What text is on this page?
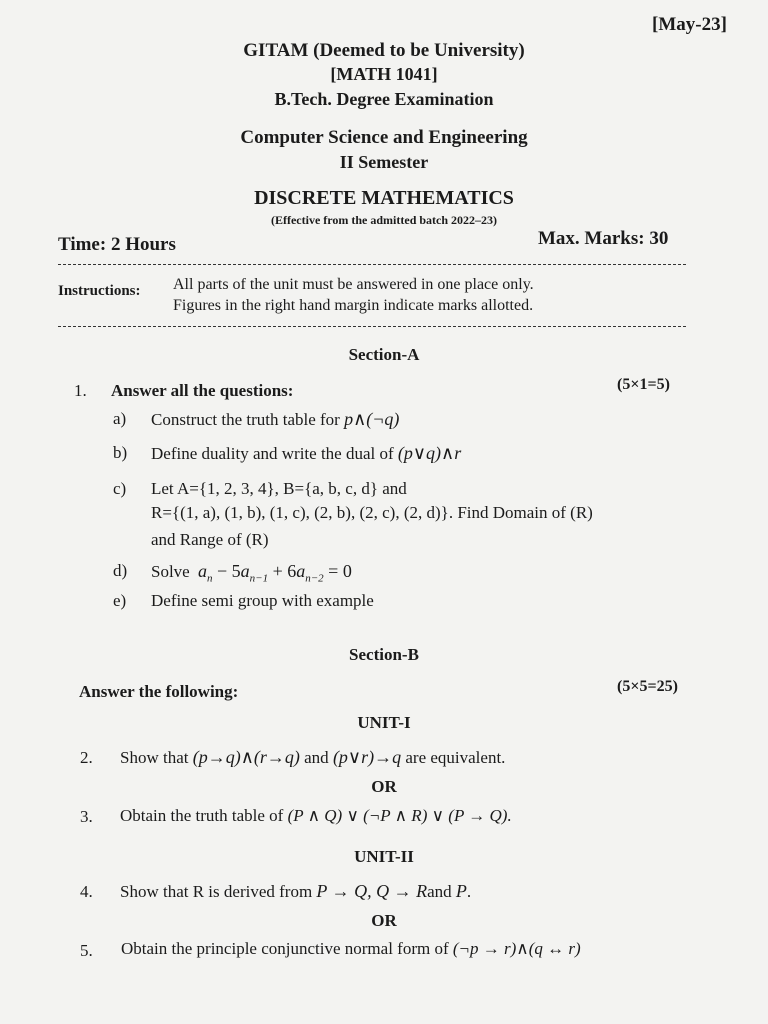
[May-23]
GITAM (Deemed to be University)
[MATH 1041]
B.Tech. Degree Examination
Computer Science and Engineering
II Semester
DISCRETE MATHEMATICS
(Effective from the admitted batch 2022–23)
Time: 2 Hours	Max. Marks: 30
Instructions: All parts of the unit must be answered in one place only.
Figures in the right hand margin indicate marks allotted.
Section-A
1. Answer all the questions:	(5×1=5)
a) Construct the truth table for p∧(¬q)
b) Define duality and write the dual of (p∨q)∧r
c) Let A={1, 2, 3, 4}, B={a, b, c, d} and
R={(1, a), (1, b), (1, c), (2, b), (2, c), (2, d)}. Find Domain of (R)
and Range of (R)
d) Solve $a_n - 5a_{n-1} + 6a_{n-2} = 0$
e) Define semi group with example
Section-B
Answer the following:	(5×5=25)
UNIT-I
2. Show that (p→q)∧(r→q) and (p∨r)→q are equivalent.
OR
3. Obtain the truth table of (P ∧ Q) ∨ (¬P ∧ R) ∨ (P → Q).
UNIT-II
4. Show that R is derived from P → Q, Q → Rand P.
OR
5. Obtain the principle conjunctive normal form of (¬p → r)∧(q ↔ r)
